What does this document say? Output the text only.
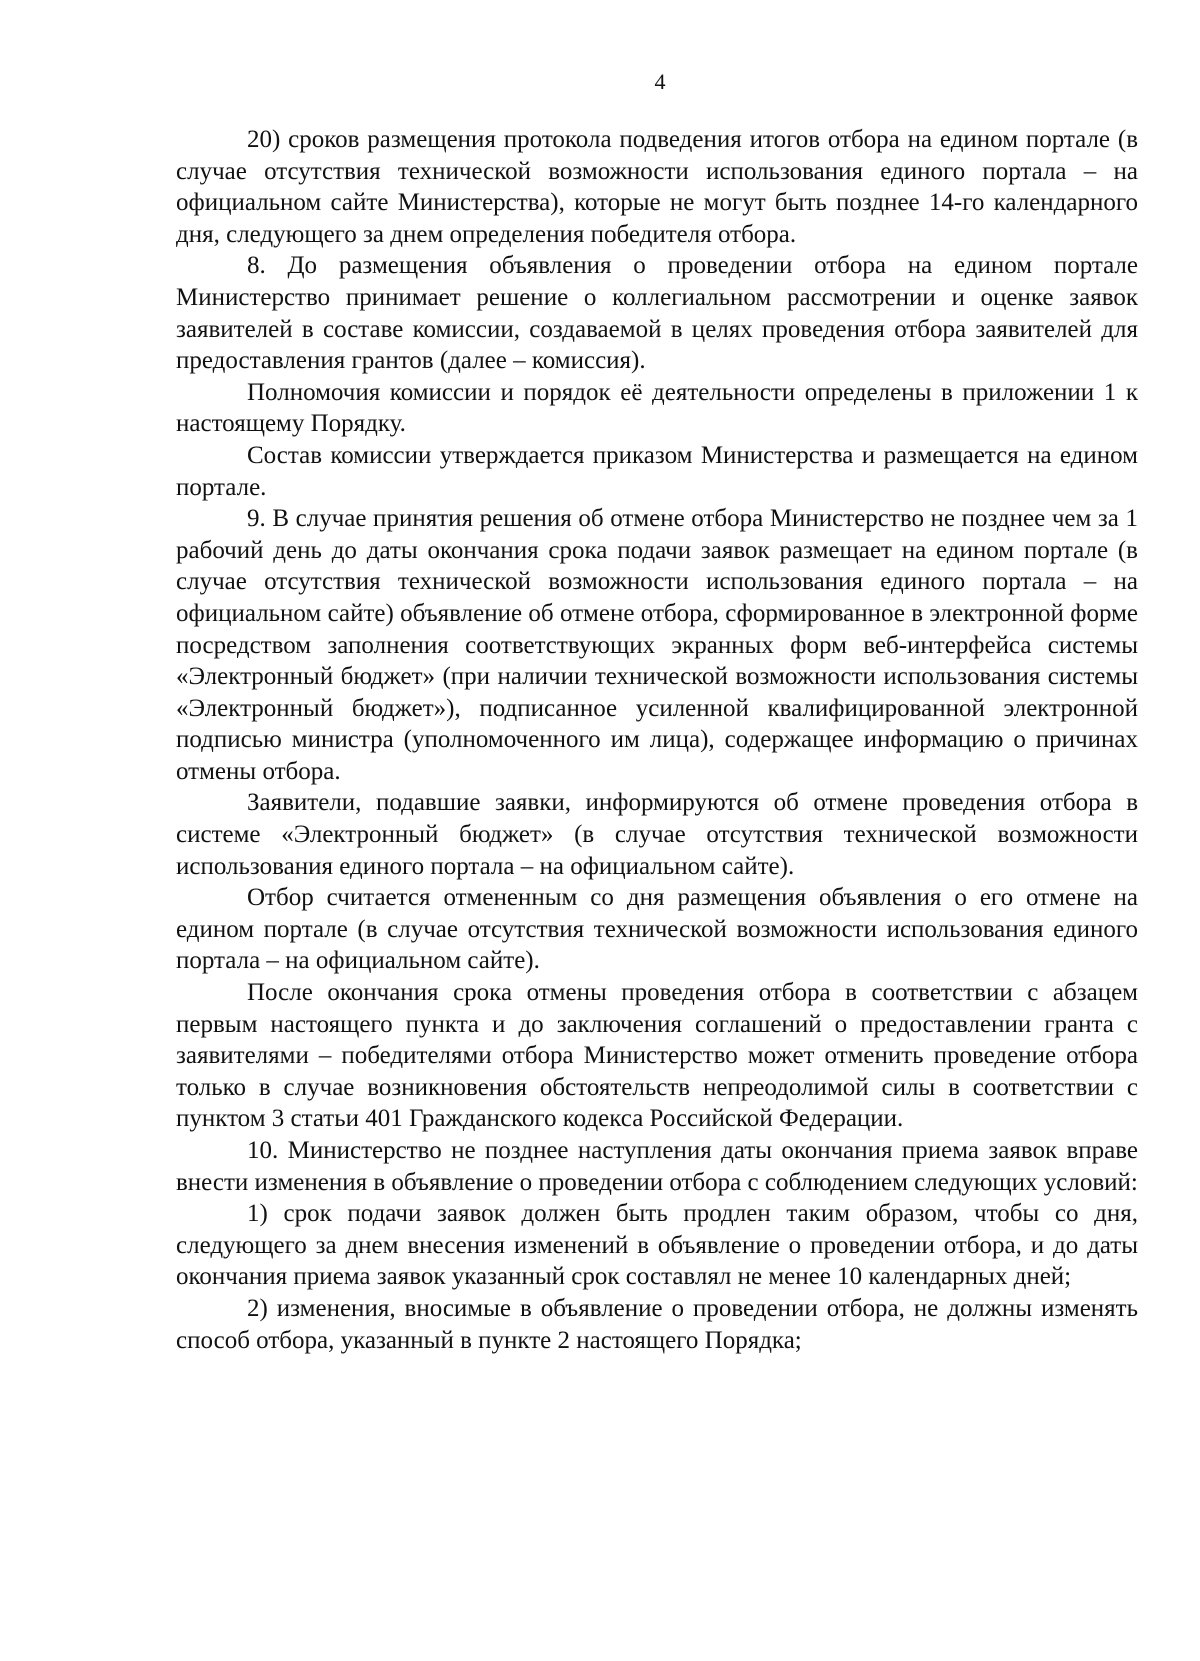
4

20) сроков размещения протокола подведения итогов отбора на едином портале (в случае отсутствия технической возможности использования единого портала – на официальном сайте Министерства), которые не могут быть позднее 14-го календарного дня, следующего за днем определения победителя отбора.

8. До размещения объявления о проведении отбора на едином портале Министерство принимает решение о коллегиальном рассмотрении и оценке заявок заявителей в составе комиссии, создаваемой в целях проведения отбора заявителей для предоставления грантов (далее – комиссия).

Полномочия комиссии и порядок её деятельности определены в приложении 1 к настоящему Порядку.

Состав комиссии утверждается приказом Министерства и размещается на едином портале.

9. В случае принятия решения об отмене отбора Министерство не позднее чем за 1 рабочий день до даты окончания срока подачи заявок размещает на едином портале (в случае отсутствия технической возможности использования единого портала – на официальном сайте) объявление об отмене отбора, сформированное в электронной форме посредством заполнения соответствующих экранных форм веб-интерфейса системы «Электронный бюджет» (при наличии технической возможности использования системы «Электронный бюджет»), подписанное усиленной квалифицированной электронной подписью министра (уполномоченного им лица), содержащее информацию о причинах отмены отбора.

Заявители, подавшие заявки, информируются об отмене проведения отбора в системе «Электронный бюджет» (в случае отсутствия технической возможности использования единого портала – на официальном сайте).

Отбор считается отмененным со дня размещения объявления о его отмене на едином портале (в случае отсутствия технической возможности использования единого портала – на официальном сайте).

После окончания срока отмены проведения отбора в соответствии с абзацем первым настоящего пункта и до заключения соглашений о предоставлении гранта с заявителями – победителями отбора Министерство может отменить проведение отбора только в случае возникновения обстоятельств непреодолимой силы в соответствии с пунктом 3 статьи 401 Гражданского кодекса Российской Федерации.

10. Министерство не позднее наступления даты окончания приема заявок вправе внести изменения в объявление о проведении отбора с соблюдением следующих условий:

1) срок подачи заявок должен быть продлен таким образом, чтобы со дня, следующего за днем внесения изменений в объявление о проведении отбора, и до даты окончания приема заявок указанный срок составлял не менее 10 календарных дней;

2) изменения, вносимые в объявление о проведении отбора, не должны изменять способ отбора, указанный в пункте 2 настоящего Порядка;
